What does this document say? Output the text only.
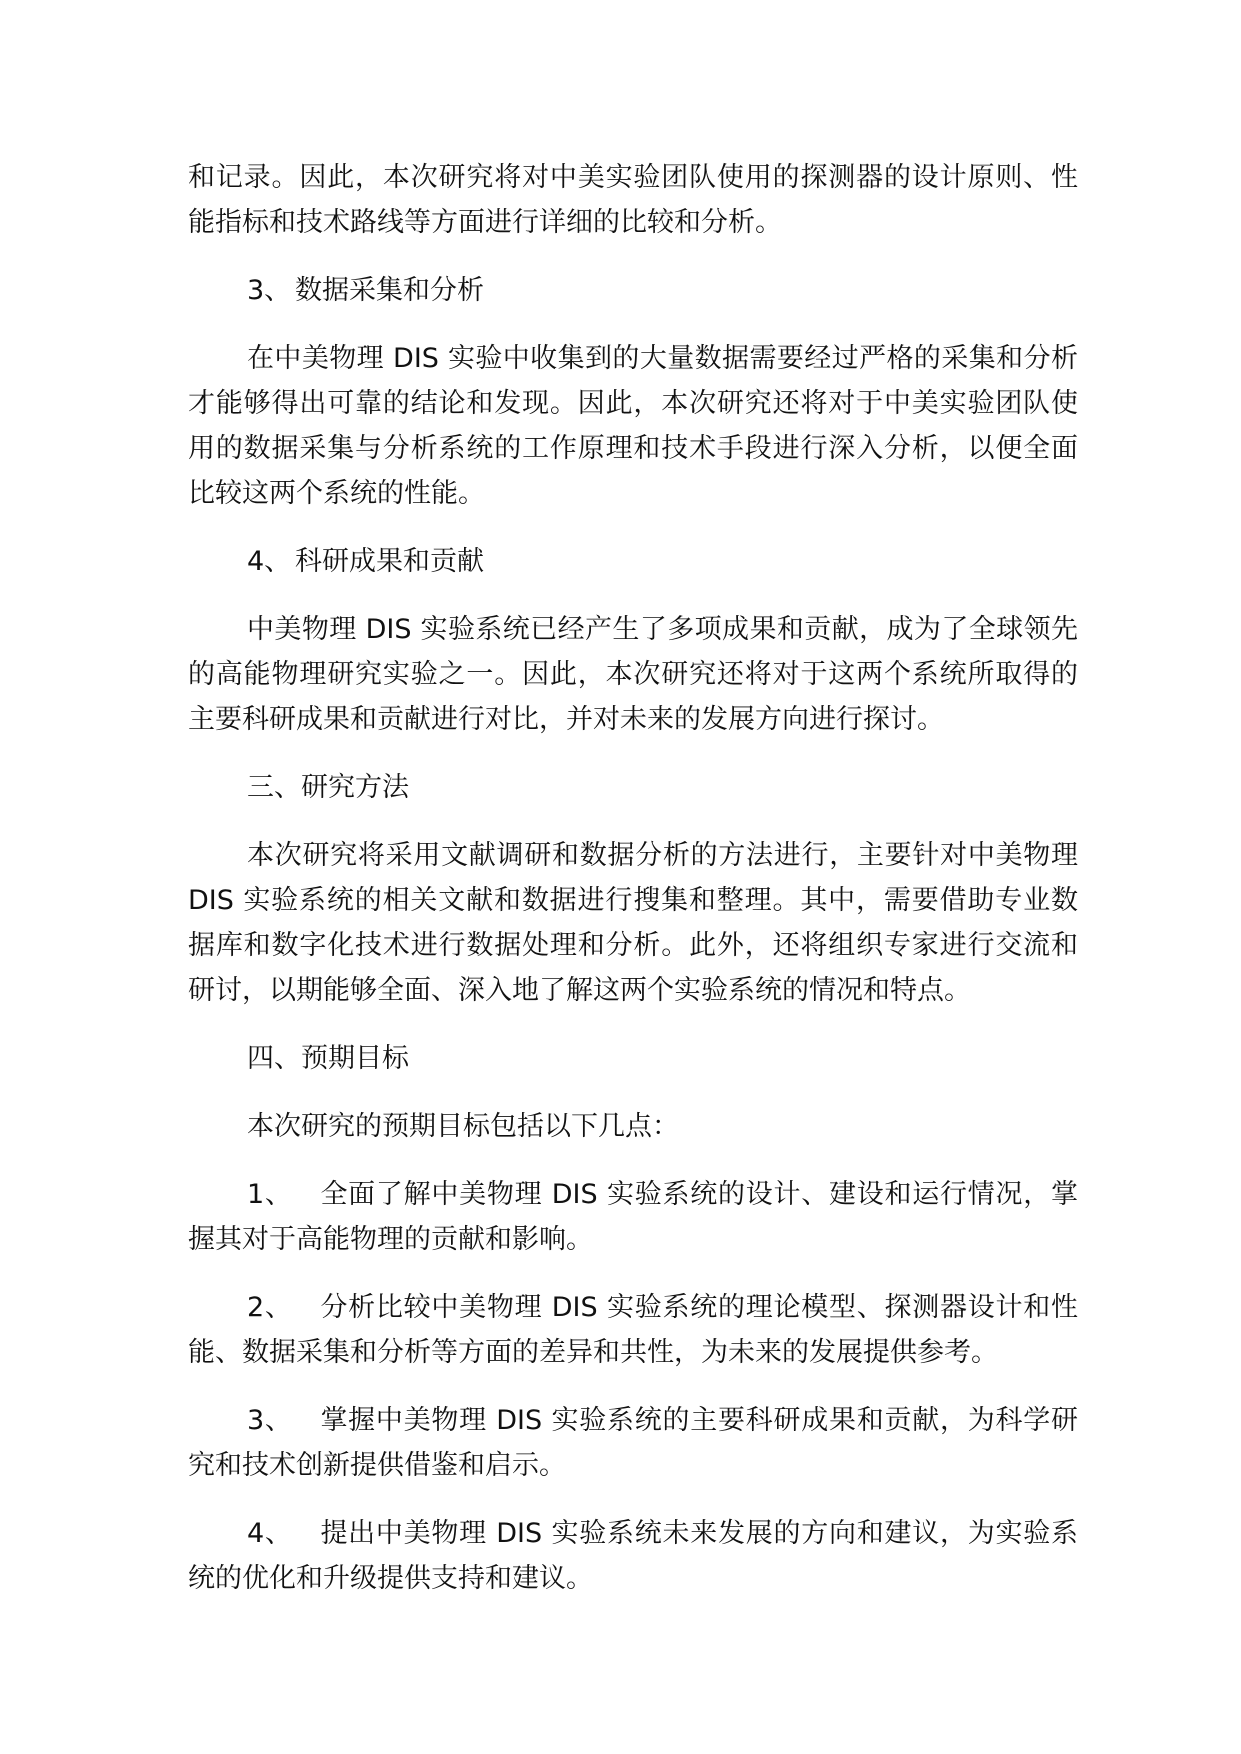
和记录。因此，本次研究将对中美实验团队使用的探测器的设计原则、性能指标和技术路线等方面进行详细的比较和分析。

3、 数据采集和分析

在中美物理 DIS 实验中收集到的大量数据需要经过严格的采集和分析才能够得出可靠的结论和发现。因此，本次研究还将对于中美实验团队使用的数据采集与分析系统的工作原理和技术手段进行深入分析，以便全面比较这两个系统的性能。

4、 科研成果和贡献

中美物理 DIS 实验系统已经产生了多项成果和贡献，成为了全球领先的高能物理研究实验之一。因此，本次研究还将对于这两个系统所取得的主要科研成果和贡献进行对比，并对未来的发展方向进行探讨。

三、研究方法

本次研究将采用文献调研和数据分析的方法进行，主要针对中美物理 DIS 实验系统的相关文献和数据进行搜集和整理。其中，需要借助专业数据库和数字化技术进行数据处理和分析。此外，还将组织专家进行交流和研讨，以期能够全面、深入地了解这两个实验系统的情况和特点。

四、预期目标

本次研究的预期目标包括以下几点：

1、  全面了解中美物理 DIS 实验系统的设计、建设和运行情况，掌握其对于高能物理的贡献和影响。

2、  分析比较中美物理 DIS 实验系统的理论模型、探测器设计和性能、数据采集和分析等方面的差异和共性，为未来的发展提供参考。

3、  掌握中美物理 DIS 实验系统的主要科研成果和贡献，为科学研究和技术创新提供借鉴和启示。

4、  提出中美物理 DIS 实验系统未来发展的方向和建议，为实验系统的优化和升级提供支持和建议。
